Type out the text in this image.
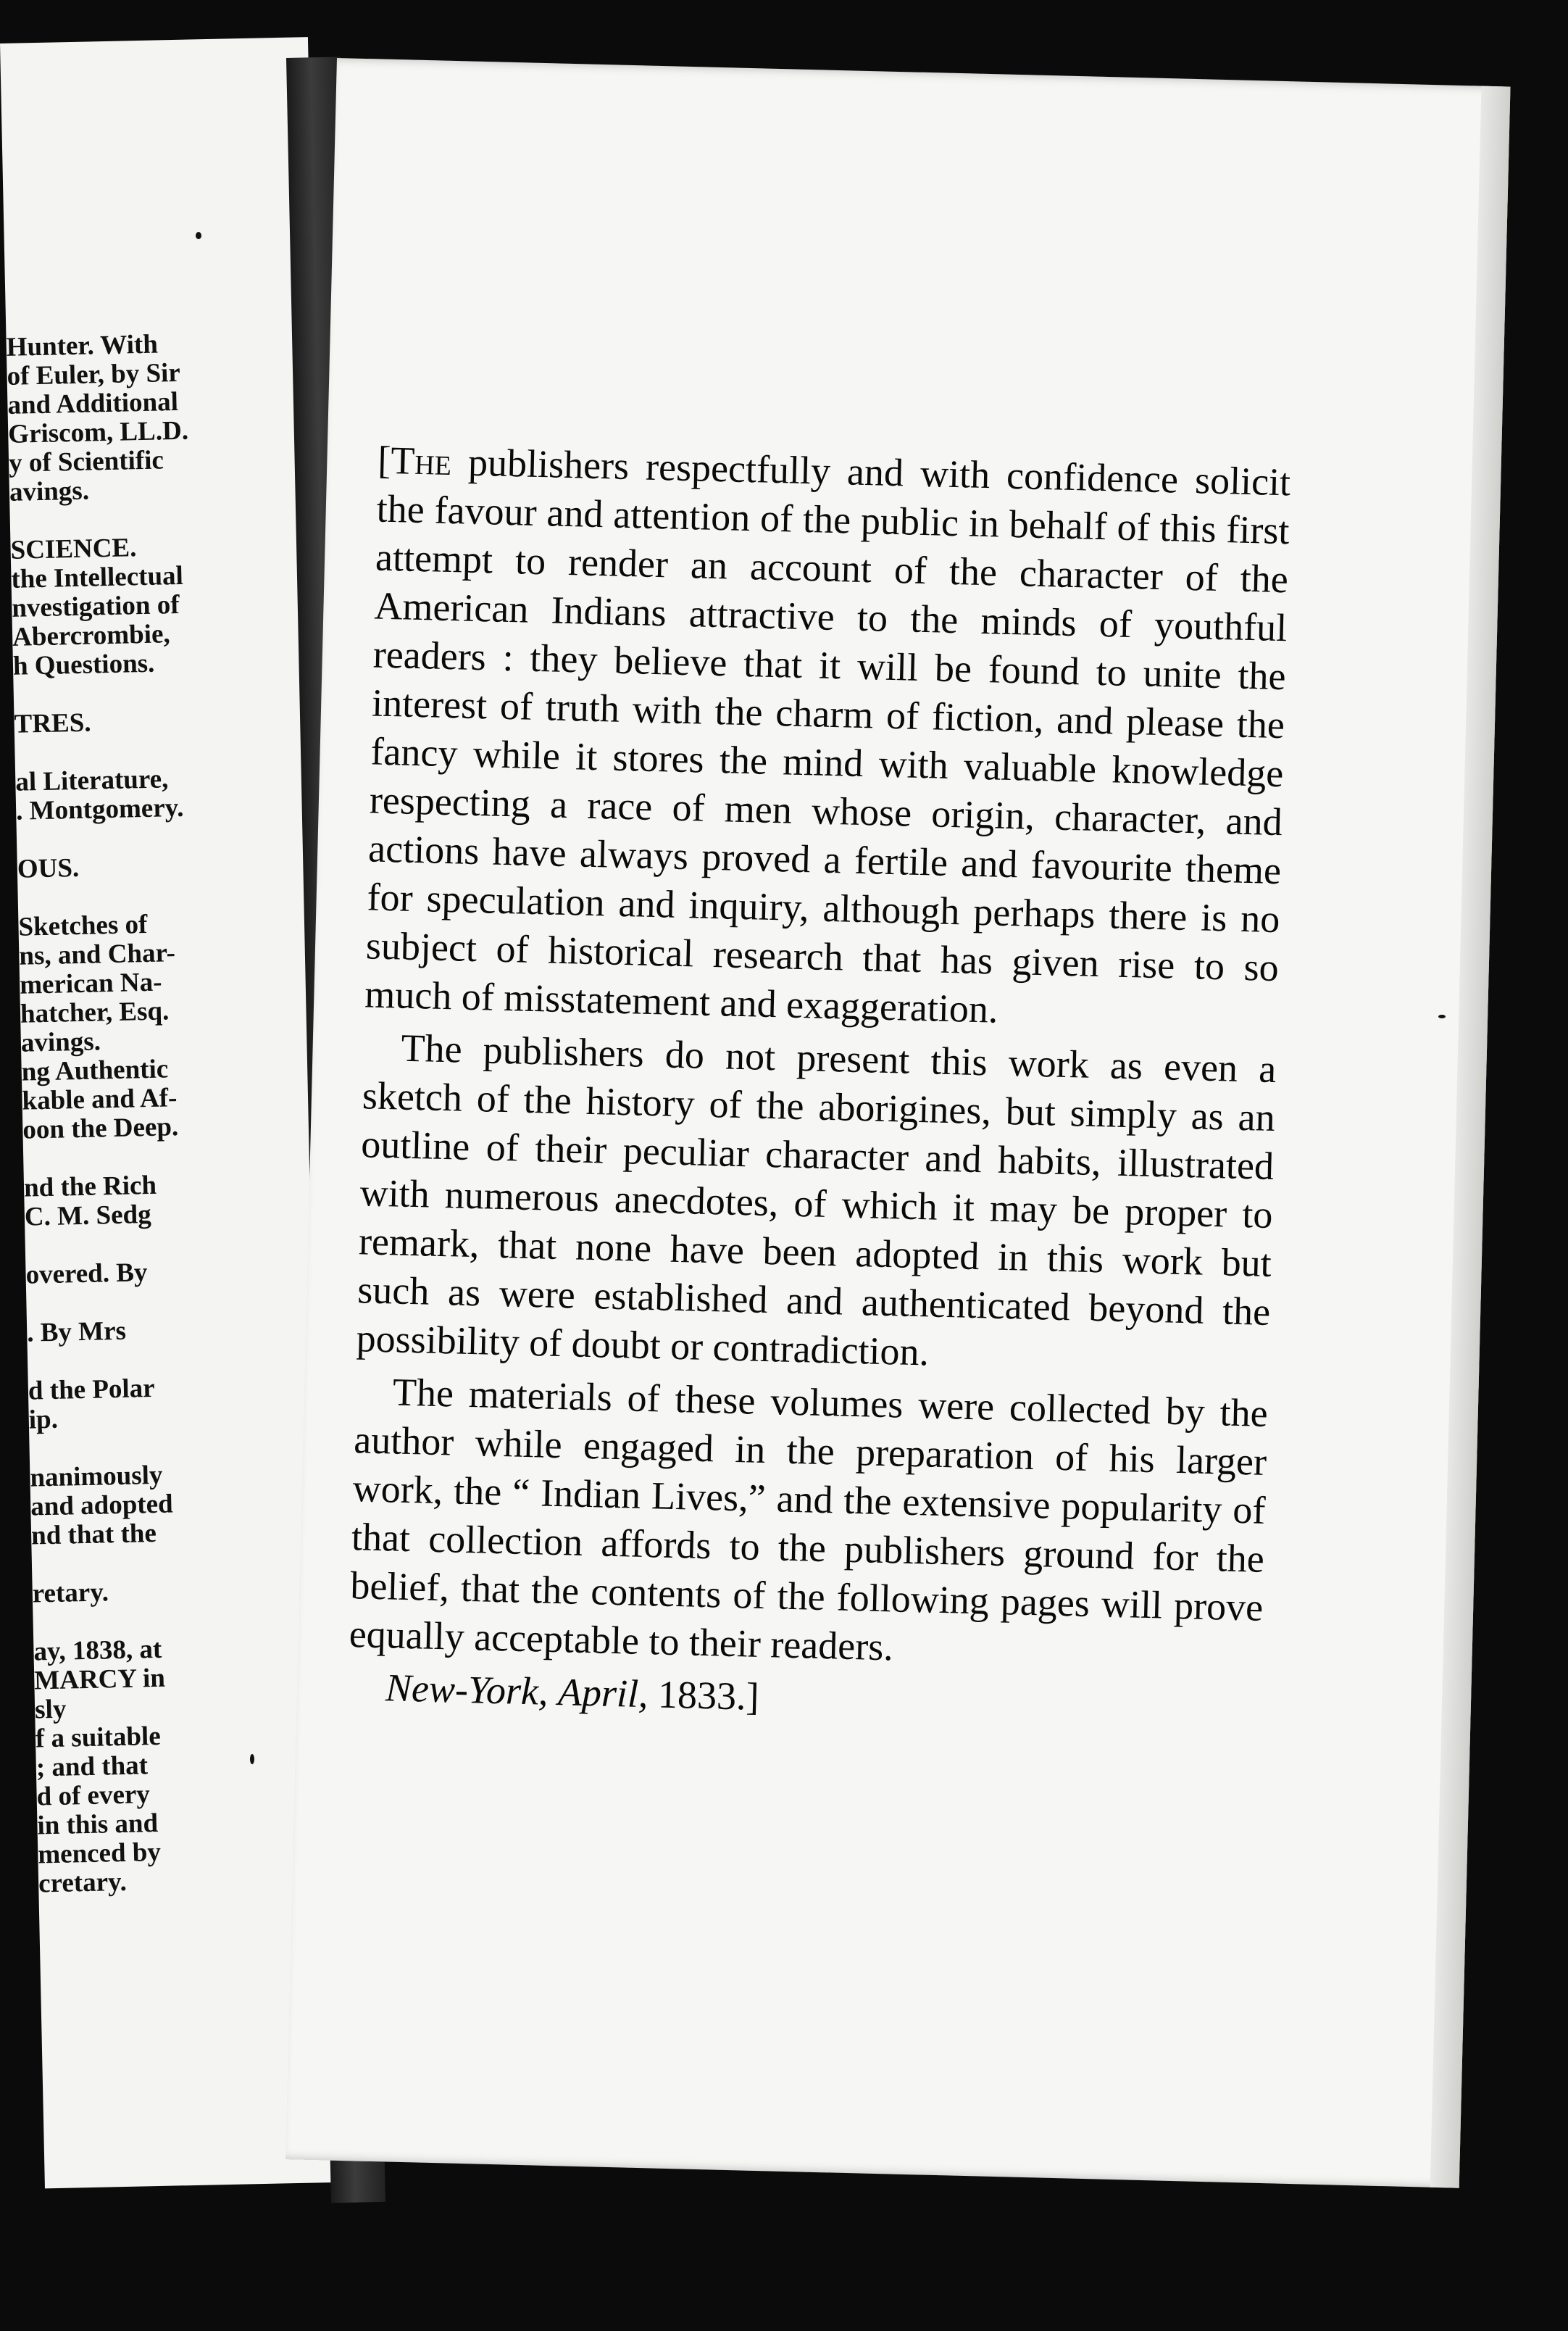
Hunter. With
of Euler, by Sir
and Additional
Griscom, LL.D.
y of Scientific
avings.
SCIENCE.
the Intellectual
nvestigation of
Abercrombie,
h Questions.
TRES.
al Literature,
. Montgomery.
OUS.
Sketches of
ns, and Char-
merican Na-
hatcher, Esq.
avings.
ng Authentic
kable and Af-
oon the Deep.
nd the Rich
C. M. Sedg
overed. By
. By Mrs
d the Polar
ip.
nanimously
and adopted
nd that the
retary.
ay, 1838, at
MARCY in
sly
f a suitable
; and that
d of every
in this and
menced by
cretary.

[The publishers respectfully and with confidence solicit the favour and attention of the public in behalf of this first attempt to render an account of the character of the American Indians attractive to the minds of youthful readers : they believe that it will be found to unite the interest of truth with the charm of fiction, and please the fancy while it stores the mind with valuable knowledge respecting a race of men whose origin, character, and actions have always proved a fertile and favourite theme for speculation and inquiry, although perhaps there is no subject of historical research that has given rise to so much of misstatement and exaggeration.

The publishers do not present this work as even a sketch of the history of the aborigines, but simply as an outline of their peculiar character and habits, illustrated with numerous anecdotes, of which it may be proper to remark, that none have been adopted in this work but such as were established and authenticated beyond the possibility of doubt or contradiction.

The materials of these volumes were collected by the author while engaged in the preparation of his larger work, the “ Indian Lives,” and the extensive popularity of that collection affords to the publishers ground for the belief, that the contents of the following pages will prove equally acceptable to their readers.

New-York, April, 1833.]
